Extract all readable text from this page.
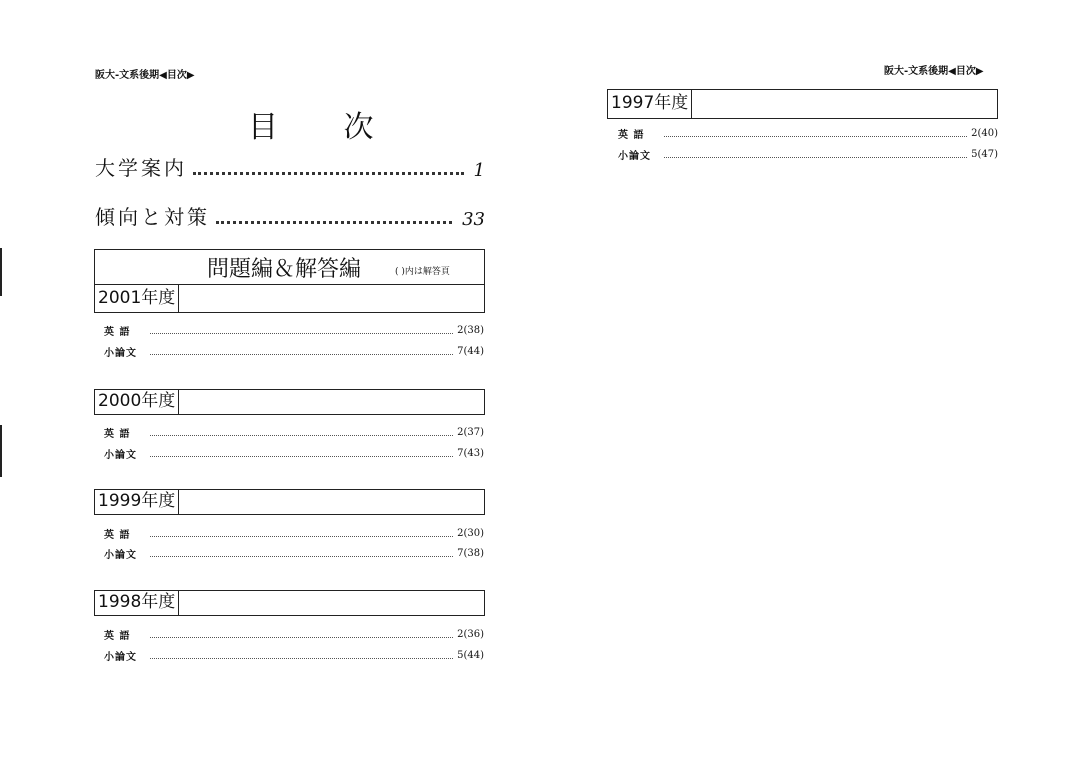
阪大-文系後期◀目次▶
目 次
大学案内	1
傾向と対策	33
問題編＆解答編	( )内は解答頁
2001年度
英 語	2(38)
小論文	7(44)
2000年度
英 語	2(37)
小論文	7(43)
1999年度
英 語	2(30)
小論文	7(38)
1998年度
英 語	2(36)
小論文	5(44)
阪大-文系後期◀目次▶
1997年度
英 語	2(40)
小論文	5(47)
